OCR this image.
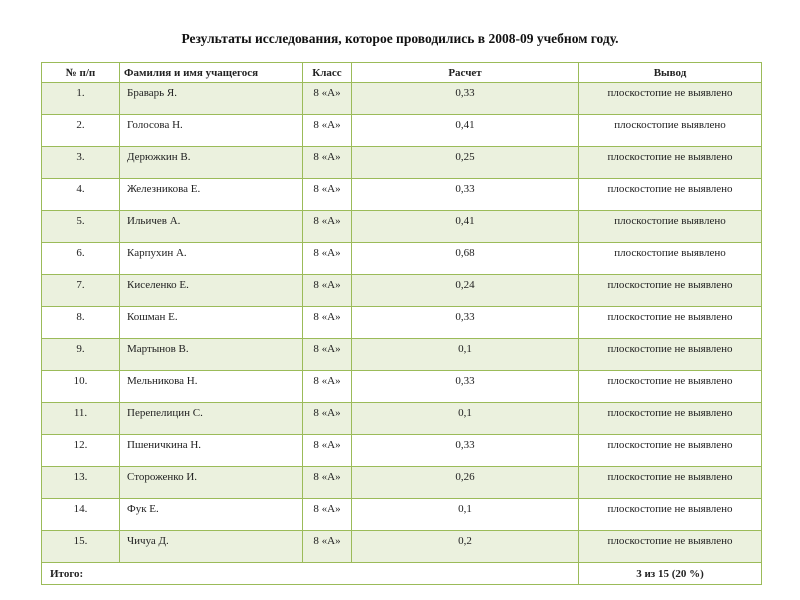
Результаты исследования, которое проводились в 2008-09 учебном году.
№ п/п	Фамилия и имя учащегося	Класс	Расчет	Вывод
1.	Браварь Я.	8 «А»	0,33	плоскостопие не выявлено
2.	Голосова Н.	8 «А»	0,41	плоскостопие выявлено
3.	Дерюжкин В.	8 «А»	0,25	плоскостопие не выявлено
4.	Железникова Е.	8 «А»	0,33	плоскостопие не выявлено
5.	Ильичев А.	8 «А»	0,41	плоскостопие выявлено
6.	Карпухин А.	8 «А»	0,68	плоскостопие выявлено
7.	Киселенко Е.	8 «А»	0,24	плоскостопие не выявлено
8.	Кошман Е.	8 «А»	0,33	плоскостопие не выявлено
9.	Мартынов В.	8 «А»	0,1	плоскостопие не выявлено
10.	Мельникова Н.	8 «А»	0,33	плоскостопие не выявлено
11.	Перепелицин С.	8 «А»	0,1	плоскостопие не выявлено
12.	Пшеничкина Н.	8 «А»	0,33	плоскостопие не выявлено
13.	Стороженко И.	8 «А»	0,26	плоскостопие не выявлено
14.	Фук Е.	8 «А»	0,1	плоскостопие не выявлено
15.	Чичуа Д.	8 «А»	0,2	плоскостопие не выявлено
Итого:				3 из 15 (20 %)
